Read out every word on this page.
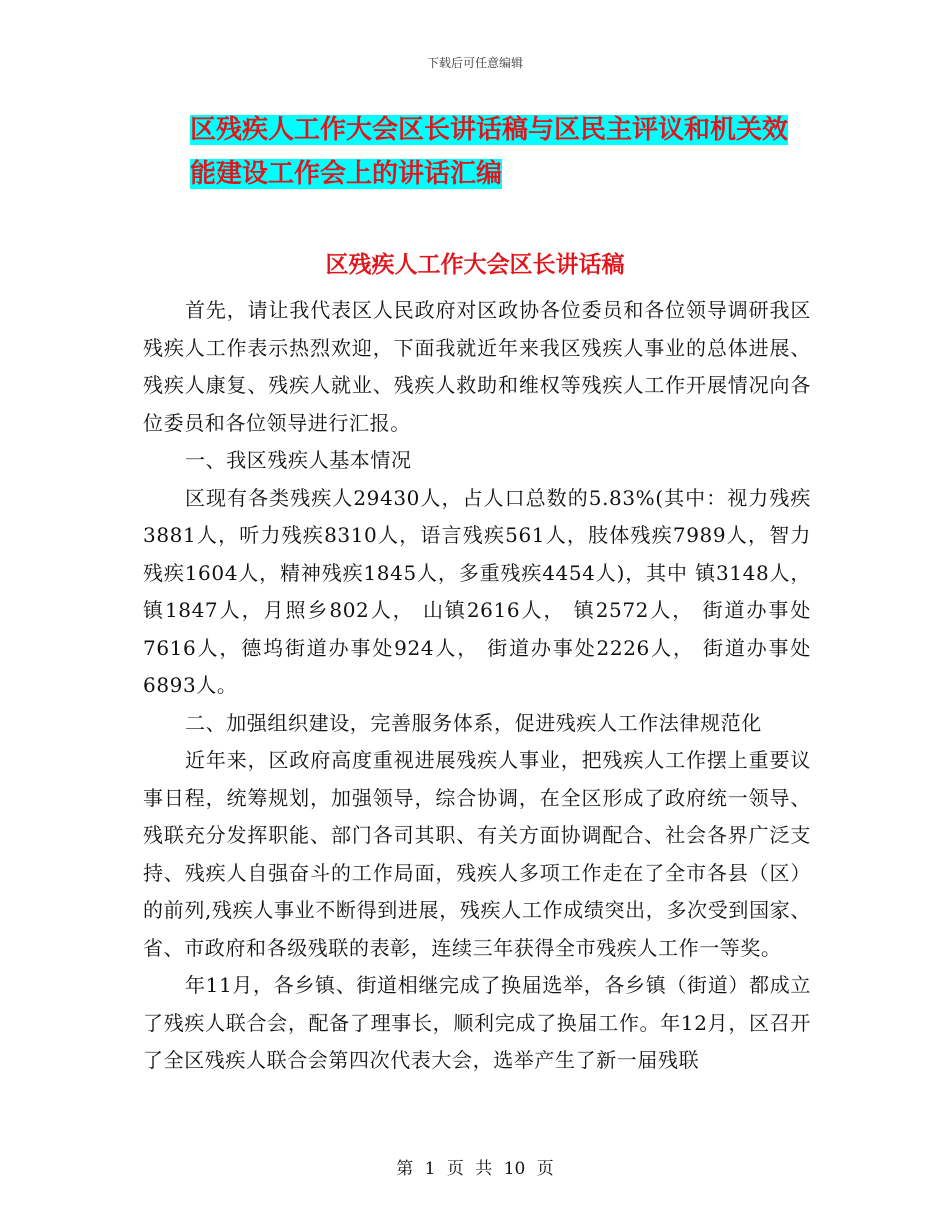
下载后可任意编辑
区残疾人工作大会区长讲话稿与区民主评议和机关效
能建设工作会上的讲话汇编
区残疾人工作大会区长讲话稿

首先，请让我代表区人民政府对区政协各位委员和各位领导调研我区残疾人工作表示热烈欢迎，下面我就近年来我区残疾人事业的总体进展、残疾人康复、残疾人就业、残疾人救助和维权等残疾人工作开展情况向各位委员和各位领导进行汇报。

一、我区残疾人基本情况

区现有各类残疾人29430人，占人口总数的5.83%(其中：视力残疾3881人，听力残疾8310人，语言残疾561人，肢体残疾7989人，智力残疾1604人，精神残疾1845人，多重残疾4454人)，其中 镇3148人， 镇1847人，月照乡802人， 山镇2616人， 镇2572人， 街道办事处7616人，德坞街道办事处924人， 街道办事处2226人， 街道办事处6893人。

二、加强组织建设，完善服务体系，促进残疾人工作法律规范化

近年来，区政府高度重视进展残疾人事业，把残疾人工作摆上重要议事日程，统筹规划，加强领导，综合协调，在全区形成了政府统一领导、残联充分发挥职能、部门各司其职、有关方面协调配合、社会各界广泛支持、残疾人自强奋斗的工作局面，残疾人多项工作走在了全市各县（区）的前列,残疾人事业不断得到进展，残疾人工作成绩突出，多次受到国家、省、市政府和各级残联的表彰，连续三年获得全市残疾人工作一等奖。

年11月，各乡镇、街道相继完成了换届选举，各乡镇（街道）都成立了残疾人联合会，配备了理事长，顺利完成了换届工作。年12月，区召开了全区残疾人联合会第四次代表大会，选举产生了新一届残联

第 1 页 共 10 页
